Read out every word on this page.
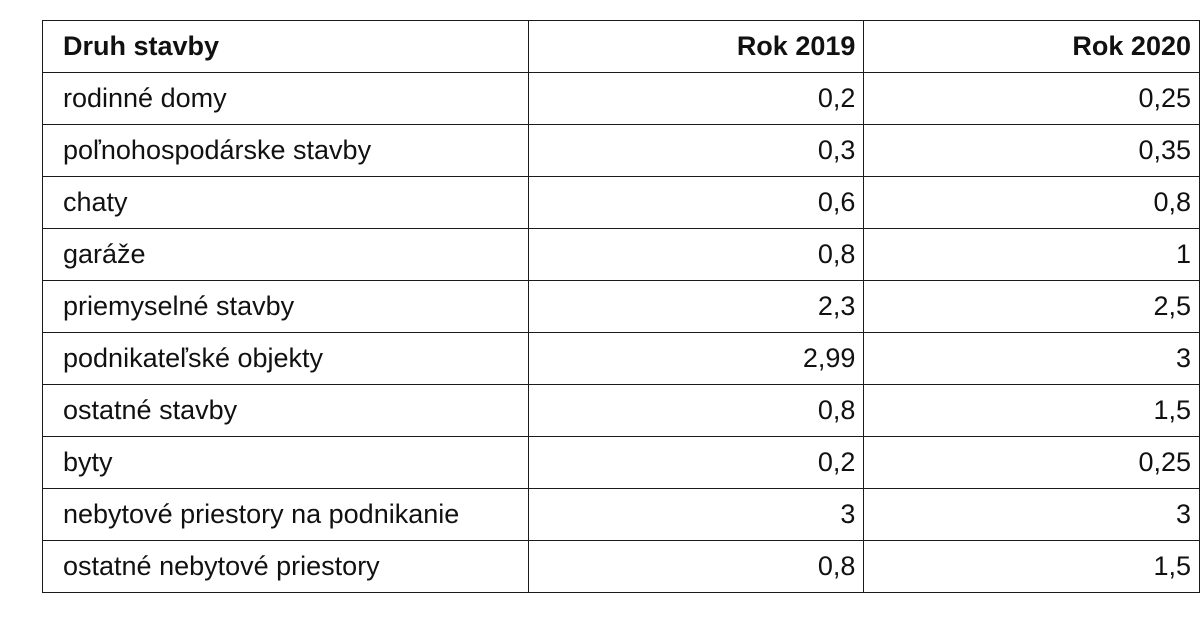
Druh stavby	Rok 2019	Rok 2020
rodinné domy	0,2	0,25
poľnohospodárske stavby	0,3	0,35
chaty	0,6	0,8
garáže	0,8	1
priemyselné stavby	2,3	2,5
podnikateľské objekty	2,99	3
ostatné stavby	0,8	1,5
byty	0,2	0,25
nebytové priestory na podnikanie	3	3
ostatné nebytové priestory	0,8	1,5
